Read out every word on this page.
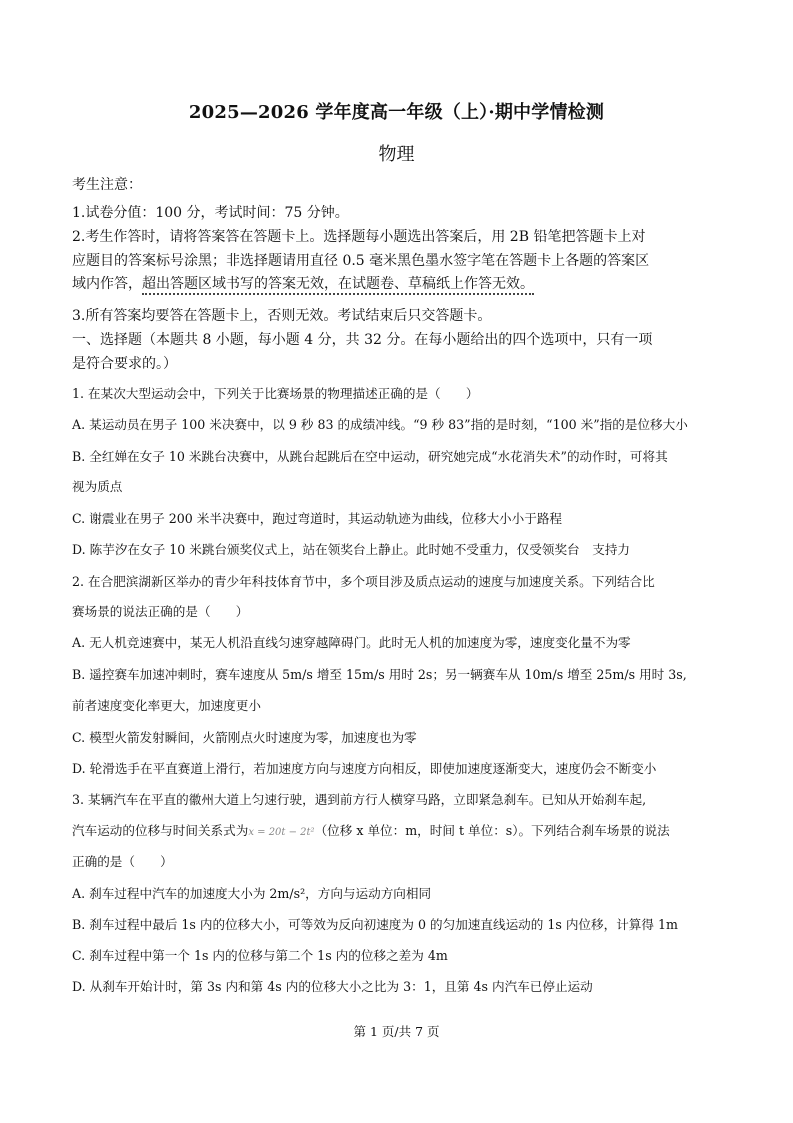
2025—2026 学年度高一年级（上）·期中学情检测
物理
考生注意：
1.试卷分值：100 分，考试时间：75 分钟。
2.考生作答时，请将答案答在答题卡上。选择题每小题选出答案后，用 2B 铅笔把答题卡上对
应题目的答案标号涂黑；非选择题请用直径 0.5 毫米黑色墨水签字笔在答题卡上各题的答案区
域内作答，超出答题区域书写的答案无效，在试题卷、草稿纸上作答无效。
3.所有答案均要答在答题卡上，否则无效。考试结束后只交答题卡。
一、选择题（本题共 8 小题，每小题 4 分，共 32 分。在每小题给出的四个选项中，只有一项
是符合要求的。）
1. 在某次大型运动会中，下列关于比赛场景的物理描述正确的是（　　）
A. 某运动员在男子 100 米决赛中，以 9 秒 83 的成绩冲线。“9 秒 83”指的是时刻，“100 米”指的是位移大小
B. 全红婵在女子 10 米跳台决赛中，从跳台起跳后在空中运动，研究她完成“水花消失术”的动作时，可将其
视为质点
C. 谢震业在男子 200 米半决赛中，跑过弯道时，其运动轨迹为曲线，位移大小小于路程
D. 陈芋汐在女子 10 米跳台颁奖仪式上，站在领奖台上静止。此时她不受重力，仅受领奖台　支持力
2. 在合肥滨湖新区举办的青少年科技体育节中，多个项目涉及质点运动的速度与加速度关系。下列结合比
赛场景的说法正确的是（　　）
A. 无人机竞速赛中，某无人机沿直线匀速穿越障碍门。此时无人机的加速度为零，速度变化量不为零
B. 遥控赛车加速冲刺时，赛车速度从 5m/s 增至 15m/s 用时 2s；另一辆赛车从 10m/s 增至 25m/s 用时 3s,
前者速度变化率更大，加速度更小
C. 模型火箭发射瞬间，火箭刚点火时速度为零，加速度也为零
D. 轮滑选手在平直赛道上滑行，若加速度方向与速度方向相反，即使加速度逐渐变大，速度仍会不断变小
3. 某辆汽车在平直的徽州大道上匀速行驶，遇到前方行人横穿马路，立即紧急刹车。已知从开始刹车起,
汽车运动的位移与时间关系式为x = 20t − 2t²（位移 x 单位：m，时间 t 单位：s）。下列结合刹车场景的说法
正确的是（　　）
A. 刹车过程中汽车的加速度大小为 2m/s²，方向与运动方向相同
B. 刹车过程中最后 1s 内的位移大小，可等效为反向初速度为 0 的匀加速直线运动的 1s 内位移，计算得 1m
C. 刹车过程中第一个 1s 内的位移与第二个 1s 内的位移之差为 4m
D. 从刹车开始计时，第 3s 内和第 4s 内的位移大小之比为 3：1，且第 4s 内汽车已停止运动
第 1 页/共 7 页
